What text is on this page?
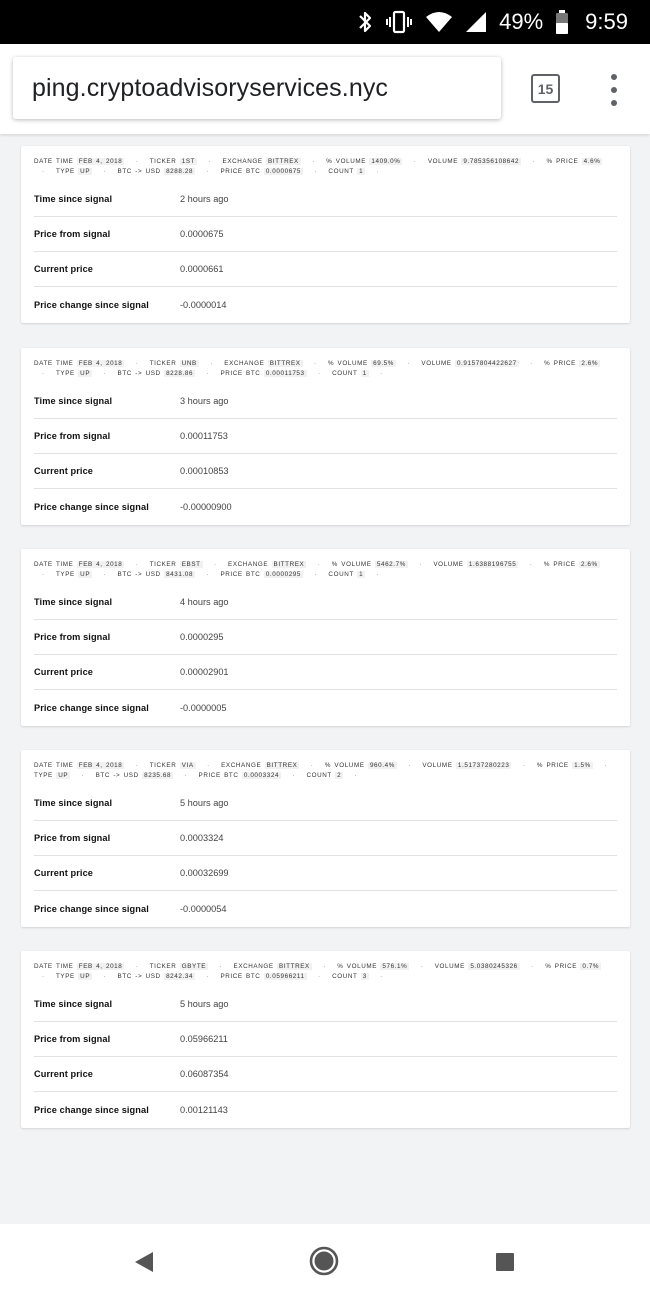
49% 9:59
ping.cryptoadvisoryservices.nyc	15
DATE TIME FEB 4, 2018 · TICKER 1ST · EXCHANGE BITTREX · % VOLUME 1409.0% · VOLUME 9.785356108642 · % PRICE 4.6% · TYPE UP · BTC -> USD 8288.28 · PRICE BTC 0.0000675 · COUNT 1 ·
Time since signal	2 hours ago
Price from signal	0.0000675
Current price	0.0000661
Price change since signal	-0.0000014
DATE TIME FEB 4, 2018 · TICKER UNB · EXCHANGE BITTREX · % VOLUME 69.5% · VOLUME 0.9157804422627 · % PRICE 2.6% · TYPE UP · BTC -> USD 8228.86 · PRICE BTC 0.00011753 · COUNT 1 ·
Time since signal	3 hours ago
Price from signal	0.00011753
Current price	0.00010853
Price change since signal	-0.00000900
DATE TIME FEB 4, 2018 · TICKER EBST · EXCHANGE BITTREX · % VOLUME 5462.7% · VOLUME 1.6388196755 · % PRICE 2.6% · TYPE UP · BTC -> USD 8431.08 · PRICE BTC 0.0000295 · COUNT 1 ·
Time since signal	4 hours ago
Price from signal	0.0000295
Current price	0.00002901
Price change since signal	-0.0000005
DATE TIME FEB 4, 2018 · TICKER VIA · EXCHANGE BITTREX · % VOLUME 960.4% · VOLUME 1.51737280223 · % PRICE 1.5% · TYPE UP · BTC -> USD 8235.68 · PRICE BTC 0.0003324 · COUNT 2 ·
Time since signal	5 hours ago
Price from signal	0.0003324
Current price	0.00032699
Price change since signal	-0.0000054
DATE TIME FEB 4, 2018 · TICKER GBYTE · EXCHANGE BITTREX · % VOLUME 576.1% · VOLUME 5.0380245326 · % PRICE 0.7% · TYPE UP · BTC -> USD 8242.34 · PRICE BTC 0.05966211 · COUNT 3 ·
Time since signal	5 hours ago
Price from signal	0.05966211
Current price	0.06087354
Price change since signal	0.00121143
